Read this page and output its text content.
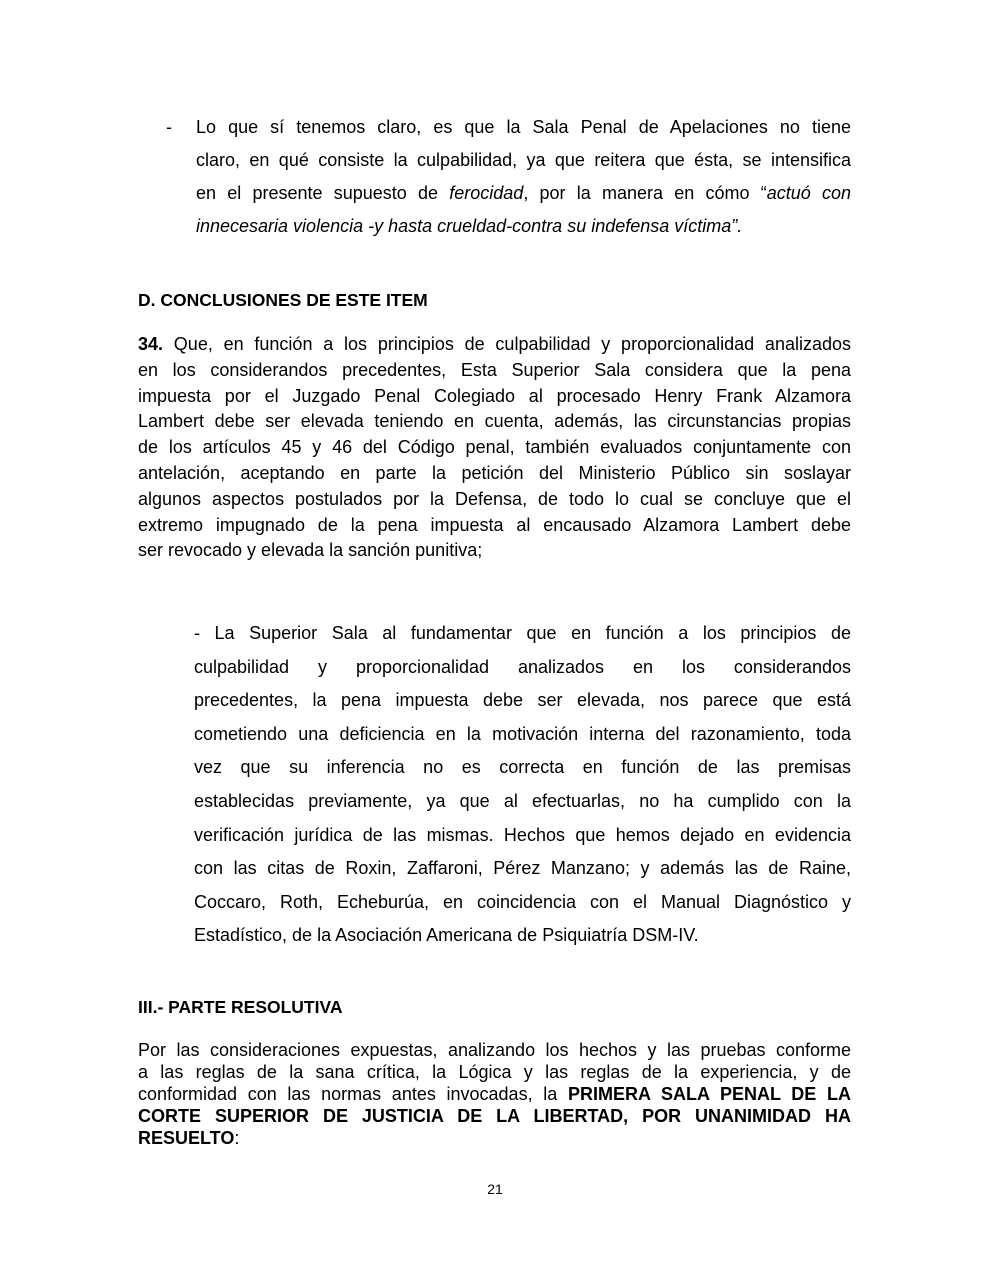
- Lo que sí tenemos claro, es que la Sala Penal de Apelaciones no tiene
claro, en qué consiste la culpabilidad, ya que reitera que ésta, se intensifica
en el presente supuesto de ferocidad, por la manera en cómo “actuó con
innecesaria violencia -y hasta crueldad-contra su indefensa víctima”.
D. CONCLUSIONES DE ESTE ITEM
34. Que, en función a los principios de culpabilidad y proporcionalidad analizados
en los considerandos precedentes, Esta Superior Sala considera que la pena
impuesta por el Juzgado Penal Colegiado al procesado Henry Frank Alzamora
Lambert debe ser elevada teniendo en cuenta, además, las circunstancias propias
de los artículos 45 y 46 del Código penal, también evaluados conjuntamente con
antelación, aceptando en parte la petición del Ministerio Público sin soslayar
algunos aspectos postulados por la Defensa, de todo lo cual se concluye que el
extremo impugnado de la pena impuesta al encausado Alzamora Lambert debe
ser revocado y elevada la sanción punitiva;
- La Superior Sala al fundamentar que en función a los principios de
culpabilidad y proporcionalidad analizados en los considerandos
precedentes, la pena impuesta debe ser elevada, nos parece que está
cometiendo una deficiencia en la motivación interna del razonamiento, toda
vez que su inferencia no es correcta en función de las premisas
establecidas previamente, ya que al efectuarlas, no ha cumplido con la
verificación jurídica de las mismas. Hechos que hemos dejado en evidencia
con las citas de Roxin, Zaffaroni, Pérez Manzano; y además las de Raine,
Coccaro, Roth, Echeburúa, en coincidencia con el Manual Diagnóstico y
Estadístico, de la Asociación Americana de Psiquiatría DSM-IV.
III.- PARTE RESOLUTIVA
Por las consideraciones expuestas, analizando los hechos y las pruebas conforme
a las reglas de la sana crítica, la Lógica y las reglas de la experiencia, y de
conformidad con las normas antes invocadas, la PRIMERA SALA PENAL DE LA
CORTE SUPERIOR DE JUSTICIA DE LA LIBERTAD, POR UNANIMIDAD HA
RESUELTO:
21
